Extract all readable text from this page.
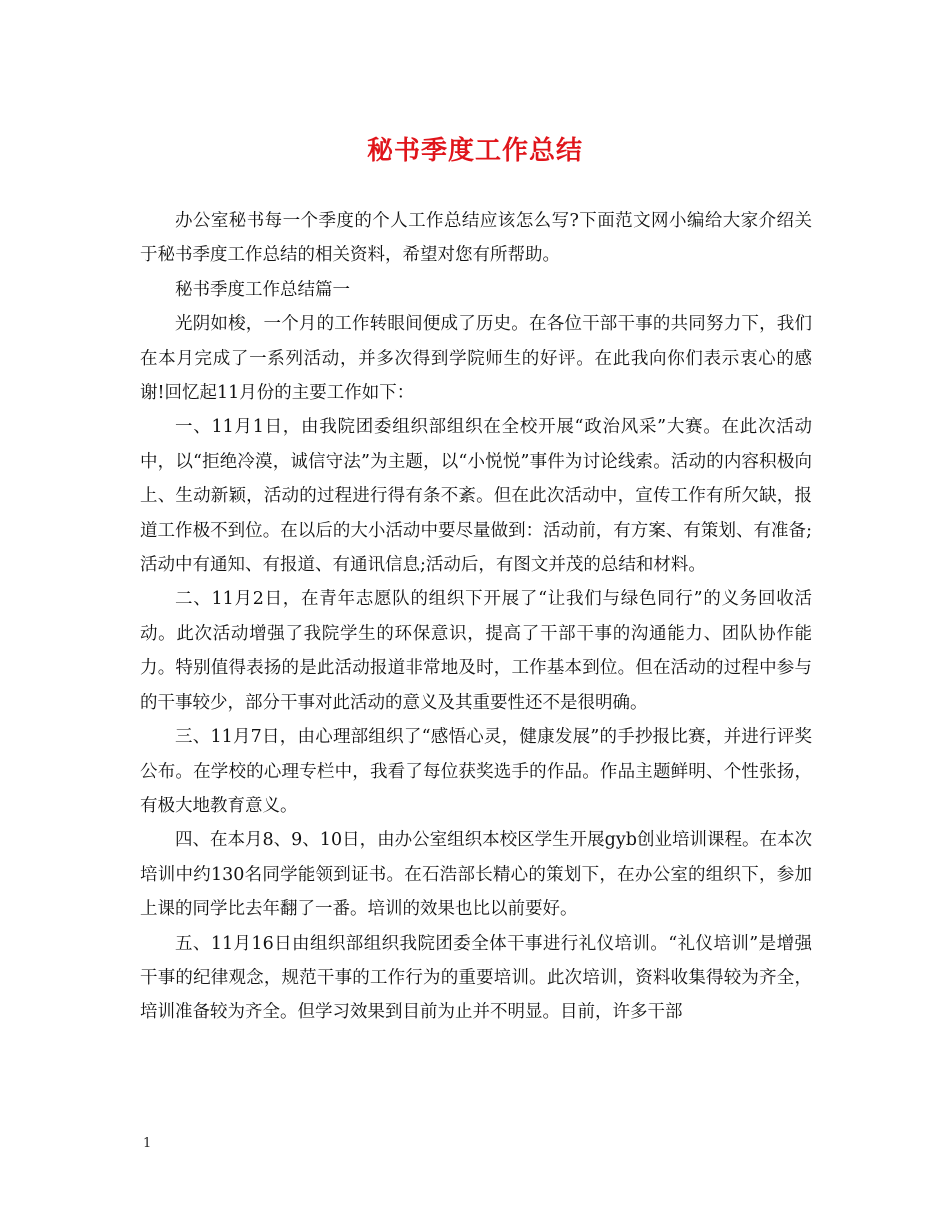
秘书季度工作总结

办公室秘书每一个季度的个人工作总结应该怎么写?下面范文网小编给大家介绍关于秘书季度工作总结的相关资料，希望对您有所帮助。

秘书季度工作总结篇一

光阴如梭，一个月的工作转眼间便成了历史。在各位干部干事的共同努力下，我们在本月完成了一系列活动，并多次得到学院师生的好评。在此我向你们表示衷心的感谢!回忆起11月份的主要工作如下：

一、11月1日，由我院团委组织部组织在全校开展“政治风采”大赛。在此次活动中，以“拒绝冷漠，诚信守法”为主题，以“小悦悦”事件为讨论线索。活动的内容积极向上、生动新颖，活动的过程进行得有条不紊。但在此次活动中，宣传工作有所欠缺，报道工作极不到位。在以后的大小活动中要尽量做到：活动前，有方案、有策划、有准备;活动中有通知、有报道、有通讯信息;活动后，有图文并茂的总结和材料。

二、11月2日，在青年志愿队的组织下开展了“让我们与绿色同行”的义务回收活动。此次活动增强了我院学生的环保意识，提高了干部干事的沟通能力、团队协作能力。特别值得表扬的是此活动报道非常地及时，工作基本到位。但在活动的过程中参与的干事较少，部分干事对此活动的意义及其重要性还不是很明确。

三、11月7日，由心理部组织了“感悟心灵，健康发展”的手抄报比赛，并进行评奖公布。在学校的心理专栏中，我看了每位获奖选手的作品。作品主题鲜明、个性张扬，有极大地教育意义。

四、在本月8、9、10日，由办公室组织本校区学生开展gyb创业培训课程。在本次培训中约130名同学能领到证书。在石浩部长精心的策划下，在办公室的组织下，参加上课的同学比去年翻了一番。培训的效果也比以前要好。

五、11月16日由组织部组织我院团委全体干事进行礼仪培训。“礼仪培训”是增强干事的纪律观念，规范干事的工作行为的重要培训。此次培训，资料收集得较为齐全，培训准备较为齐全。但学习效果到目前为止并不明显。目前，许多干部

1
